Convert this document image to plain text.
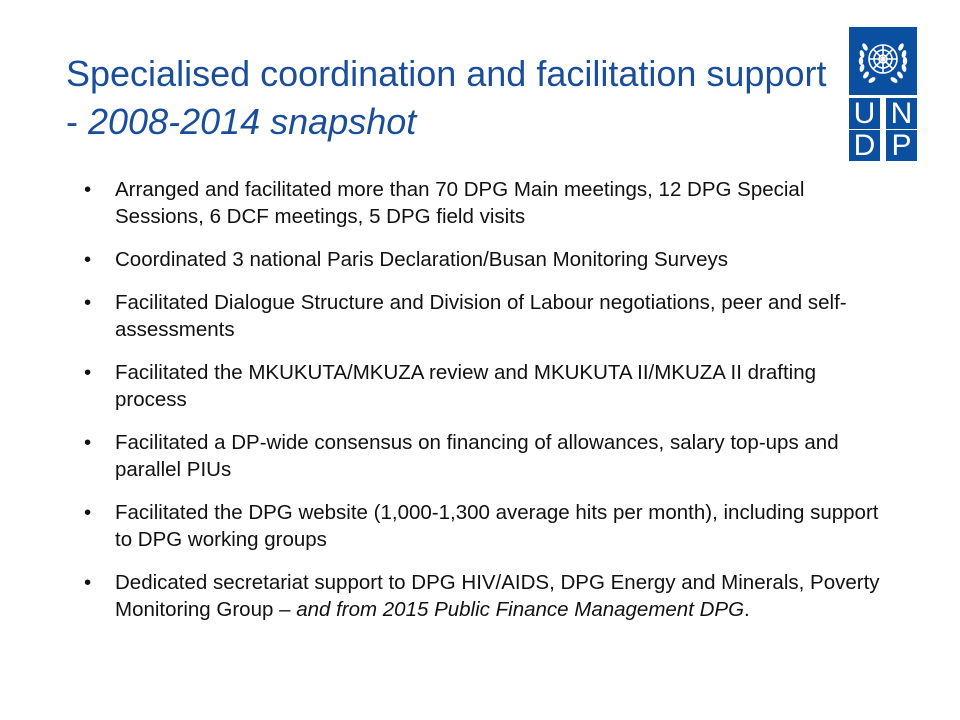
Specialised coordination and facilitation support - 2008-2014 snapshot	U N
D P
• Arranged and facilitated more than 70 DPG Main meetings, 12 DPG Special Sessions, 6 DCF meetings, 5 DPG field visits
• Coordinated 3 national Paris Declaration/Busan Monitoring Surveys
• Facilitated Dialogue Structure and Division of Labour negotiations, peer and self-assessments
• Facilitated the MKUKUTA/MKUZA review and MKUKUTA II/MKUZA II drafting process
• Facilitated a DP-wide consensus on financing of allowances, salary top-ups and parallel PIUs
• Facilitated the DPG website (1,000-1,300 average hits per month), including support to DPG working groups
• Dedicated secretariat support to DPG HIV/AIDS, DPG Energy and Minerals, Poverty Monitoring Group – and from 2015 Public Finance Management DPG.
